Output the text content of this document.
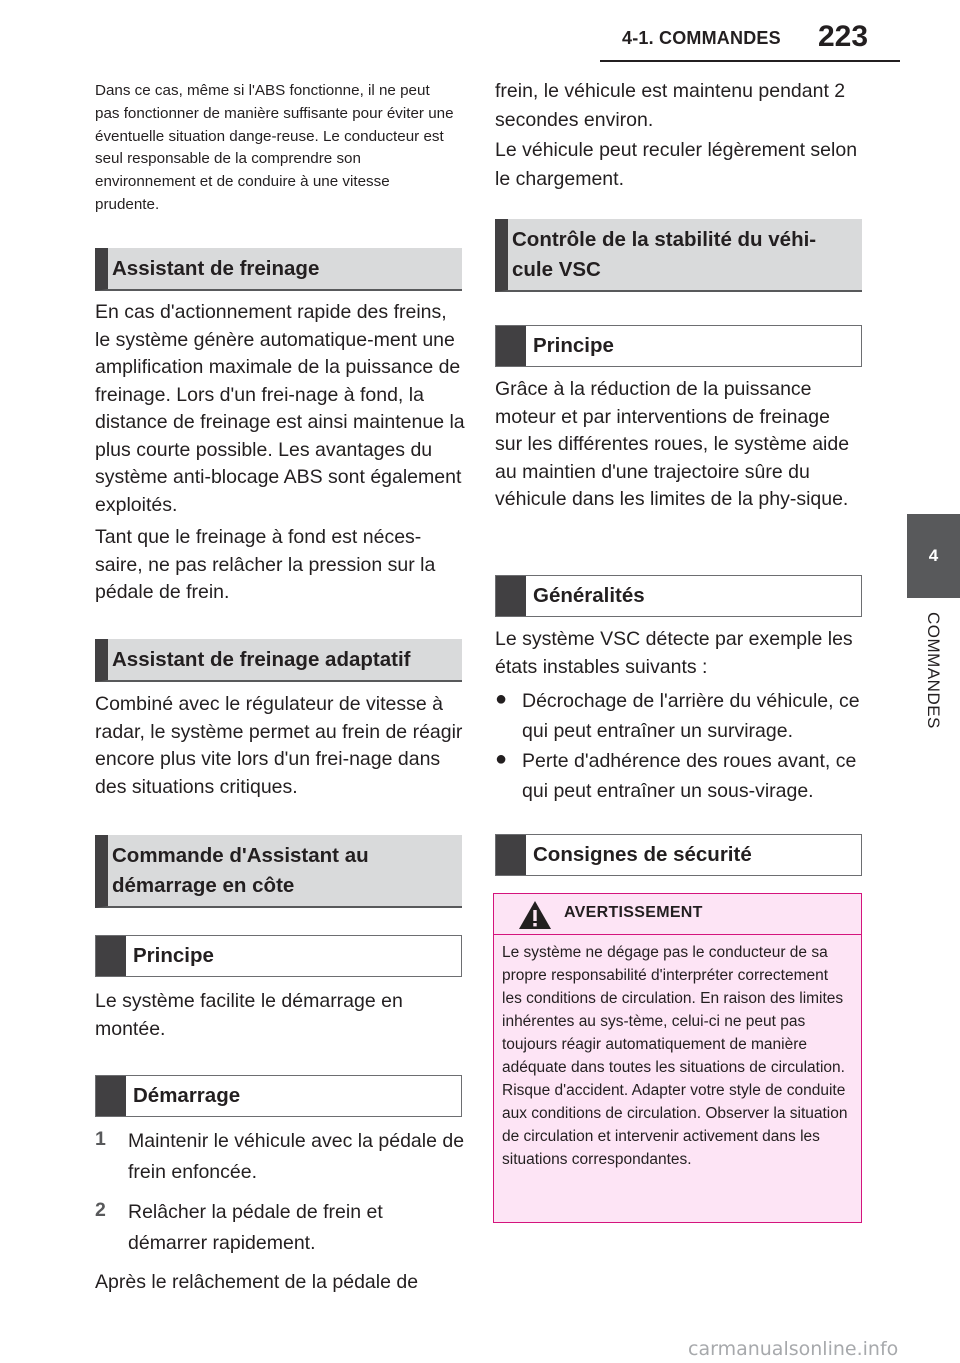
4-1. COMMANDES 223
4
COMMANDES

Dans ce cas, même si l'ABS fonctionne, il ne peut pas fonctionner de manière suffisante pour éviter une éventuelle situation dange-reuse. Le conducteur est seul responsable de la comprendre son environnement et de conduire à une vitesse prudente.

Assistant de freinage

En cas d'actionnement rapide des freins, le système génère automatique-ment une amplification maximale de la puissance de freinage. Lors d'un frei-nage à fond, la distance de freinage est ainsi maintenue la plus courte possible. Les avantages du système anti-blocage ABS sont également exploités.

Tant que le freinage à fond est néces-saire, ne pas relâcher la pression sur la pédale de frein.

Assistant de freinage adaptatif

Combiné avec le régulateur de vitesse à radar, le système permet au frein de réagir encore plus vite lors d'un frei-nage dans des situations critiques.

Commande d'Assistant au démarrage en côte
Principe

Le système facilite le démarrage en montée.

Démarrage
1	Maintenir le véhicule avec la pédale de frein enfoncée.
2	Relâcher la pédale de frein et démarrer rapidement.

Après le relâchement de la pédale de

frein, le véhicule est maintenu pendant 2 secondes environ.

Le véhicule peut reculer légèrement selon le chargement.

Contrôle de la stabilité du véhi-cule VSC
Principe

Grâce à la réduction de la puissance moteur et par interventions de freinage sur les différentes roues, le système aide au maintien d'une trajectoire sûre du véhicule dans les limites de la phy-sique.

Généralités

Le système VSC détecte par exemple les états instables suivants :

● Décrochage de l'arrière du véhicule, ce qui peut entraîner un survirage.
● Perte d'adhérence des roues avant, ce qui peut entraîner un sous-virage.
Consignes de sécurité
AVERTISSEMENT
Le système ne dégage pas le conducteur de sa propre responsabilité d'interpréter correctement les conditions de circulation. En raison des limites inhérentes au sys-tème, celui-ci ne peut pas toujours réagir automatiquement de manière adéquate dans toutes les situations de circulation. Risque d'accident. Adapter votre style de conduite aux conditions de circulation. Observer la situation de circulation et intervenir activement dans les situations correspondantes.
carmanualsonline.info
